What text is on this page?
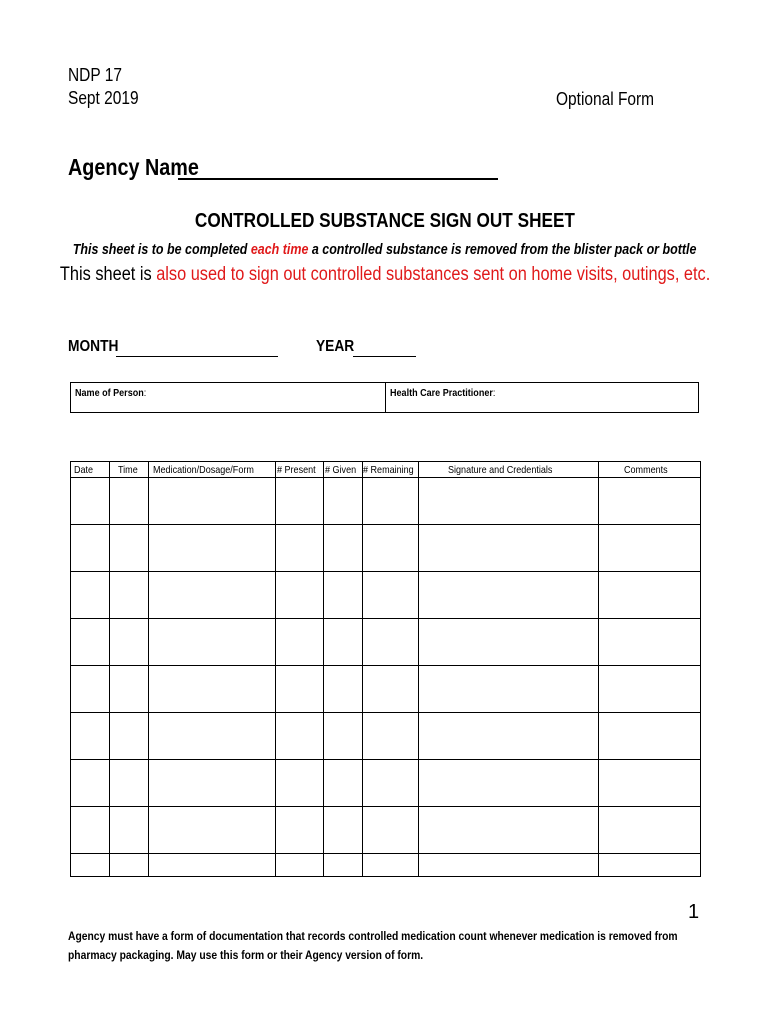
NDP 17
Sept 2019	Optional Form
Agency Name
CONTROLLED SUBSTANCE SIGN OUT SHEET
This sheet is to be completed each time a controlled substance is removed from the blister pack or bottle
This sheet is also used to sign out controlled substances sent on home visits, outings, etc.
MONTH	YEAR
Name of Person:	Health Care Practitioner:
Date	Time	Medication/Dosage/Form	# Present	# Given	# Remaining	Signature and Credentials	Comments

1
Agency must have a form of documentation that records controlled medication count whenever medication is removed from pharmacy packaging. May use this form or their Agency version of form.
